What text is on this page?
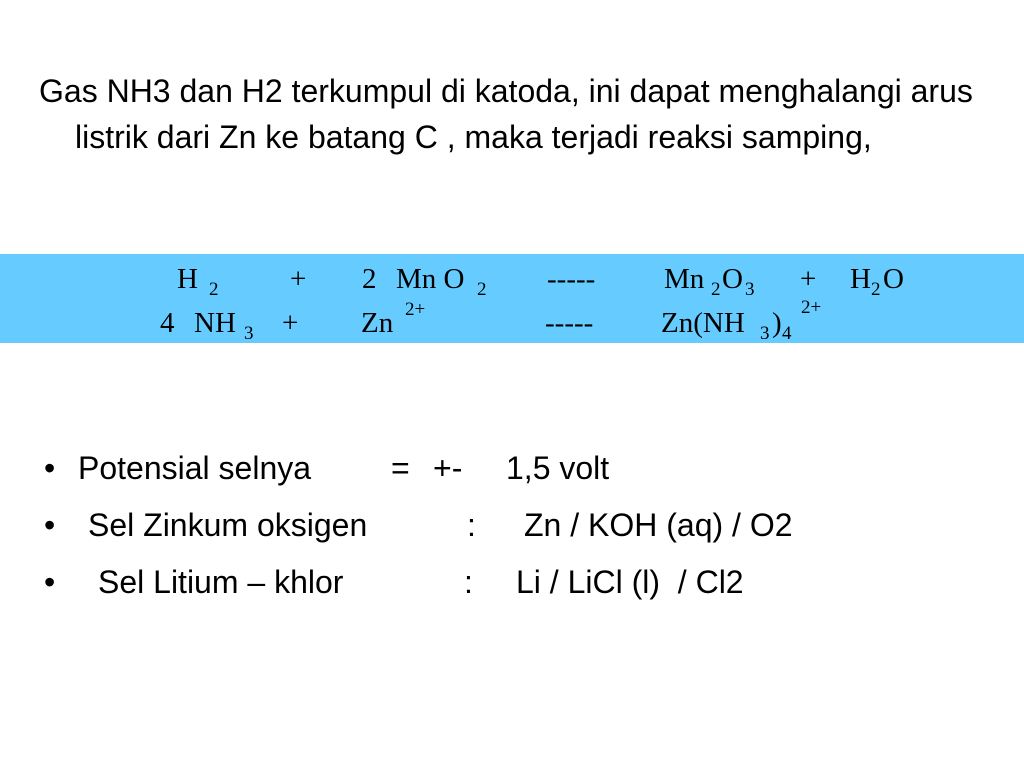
Gas NH3 dan H2 terkumpul di katoda, ini dapat menghalangi arus listrik dari Zn ke batang C , maka terjadi reaksi samping,

H 2 + 2 Mn O 2 ----- Mn 2 O 3 + H 2 O
4 NH 3 + Zn 2+	----- Zn(NH 3 ) 4
2+
• Potensial selnya = +- 1,5 volt
• Sel Zinkum oksigen	: Zn / KOH (aq) / O2
• Sel Litium – khlor	: Li / LiCl (l)  / Cl2
